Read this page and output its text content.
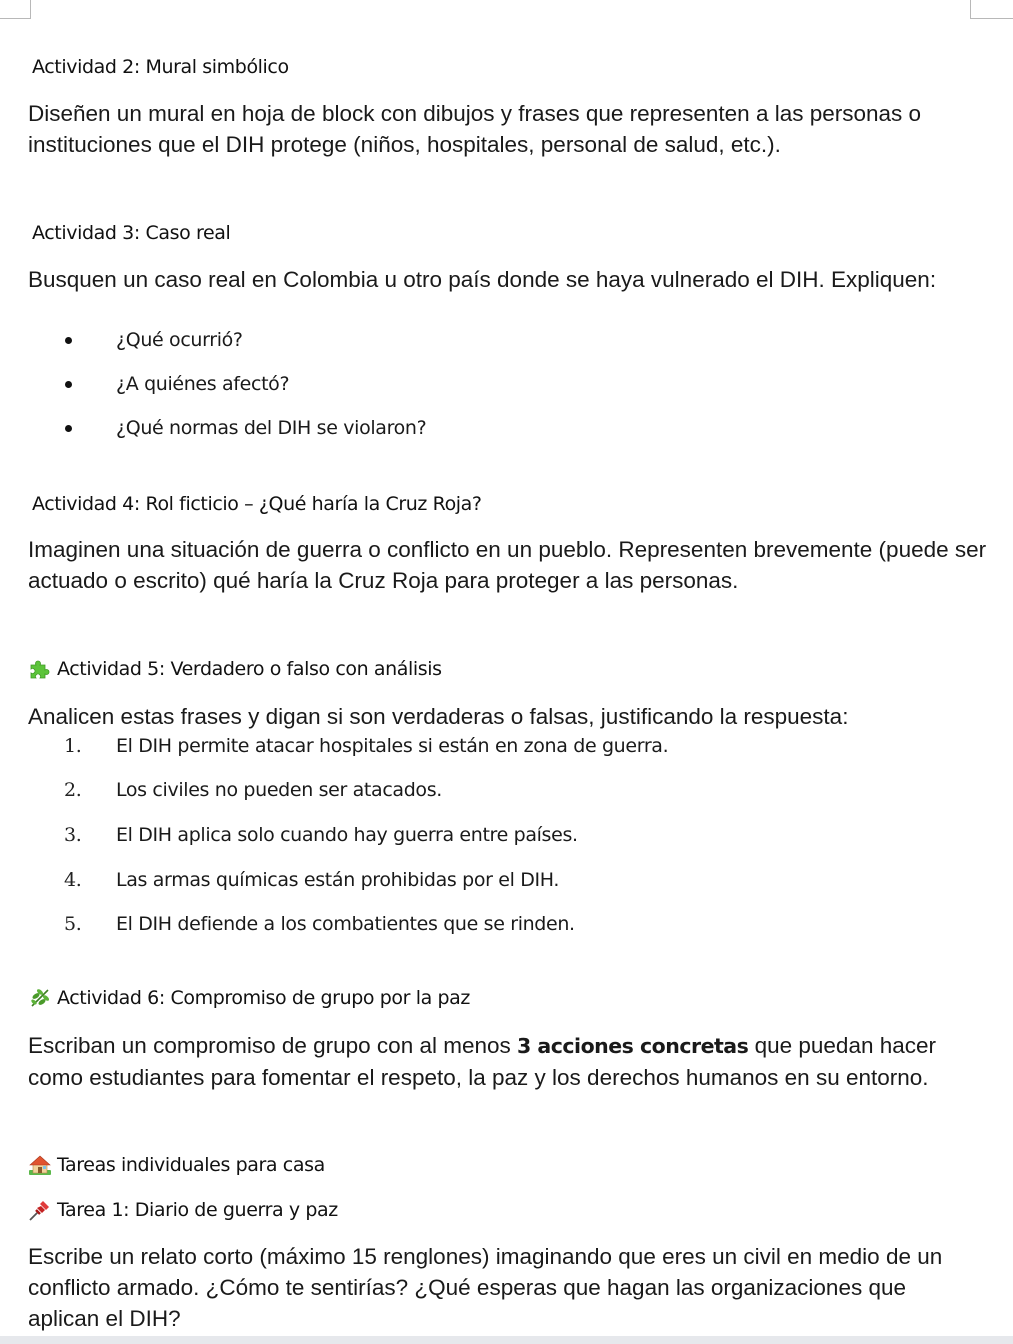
Actividad 2: Mural simbólico

Diseñen un mural en hoja de block con dibujos y frases que representen a las personas o instituciones que el DIH protege (niños, hospitales, personal de salud, etc.).

Actividad 3: Caso real

Busquen un caso real en Colombia u otro país donde se haya vulnerado el DIH. Expliquen:

¿Qué ocurrió?
¿A quiénes afectó?
¿Qué normas del DIH se violaron?
Actividad 4: Rol ficticio – ¿Qué haría la Cruz Roja?

Imaginen una situación de guerra o conflicto en un pueblo. Representen brevemente (puede ser actuado o escrito) qué haría la Cruz Roja para proteger a las personas.

Actividad 5: Verdadero o falso con análisis

Analicen estas frases y digan si son verdaderas o falsas, justificando la respuesta:

1. El DIH permite atacar hospitales si están en zona de guerra.
2. Los civiles no pueden ser atacados.
3. El DIH aplica solo cuando hay guerra entre países.
4. Las armas químicas están prohibidas por el DIH.
5. El DIH defiende a los combatientes que se rinden.
Actividad 6: Compromiso de grupo por la paz

Escriban un compromiso de grupo con al menos 3 acciones concretas que puedan hacer como estudiantes para fomentar el respeto, la paz y los derechos humanos en su entorno.

Tareas individuales para casa
Tarea 1: Diario de guerra y paz

Escribe un relato corto (máximo 15 renglones) imaginando que eres un civil en medio de un conflicto armado. ¿Cómo te sentirías? ¿Qué esperas que hagan las organizaciones que aplican el DIH?
